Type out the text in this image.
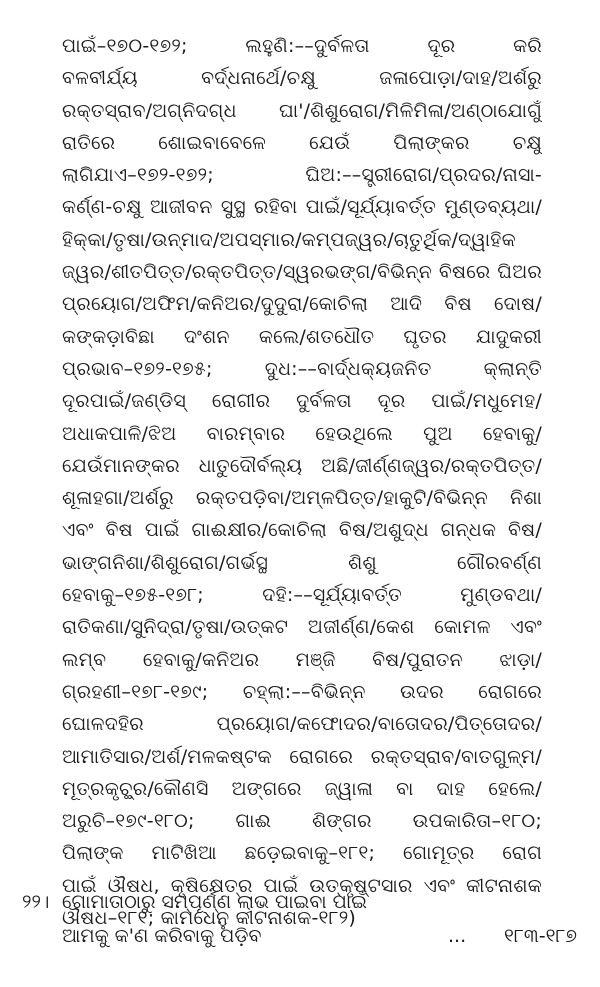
ପାଇଁ–୧୭୦-୧୭୨; ଲହୁଣି:––ଦୁର୍ବଳତା ଦୂର କରି
ବଳବୀର୍ଯ୍ୟ ବର୍ଦ୍ଧନାର୍ଥେ/ଚକ୍ଷୁ ଜଳାପୋଡ଼ା/ଦାହ/ଅର୍ଶରୁ
ରକ୍ତସ୍ରାବ/ଅଗ୍ନିଦଗ୍ଧ ଘା'/ଶିଶୁରୋଗ/ମିଳିମିଳା/ଅଣ୍ଠାଯୋଗୁଁ
ରାତିରେ ଶୋଇବାବେଳେ ଯେଉଁ ପିଲାଙ୍କର ଚକ୍ଷୁ
ଲାଗିଯାଏ–୧୭୨-୧୭୨; ଘିଅ:––ସ୍ତ୍ରୀରୋଗ/ପ୍ରଦର/ନାସା-
କର୍ଣ୍ଣ-ଚକ୍ଷୁ ଆଜୀବନ ସୁସ୍ଥ ରହିବା ପାଇଁ/ସୂର୍ଯ୍ୟାବର୍ତ୍ତ ମୁଣ୍ଡବ୍ୟଥା/
ହିକ୍କା/ତୃଷା/ଉନ୍ମାଦ/ଅପସ୍ମାର/କମ୍ପଜ୍ୱର/ଚାତୁର୍ଥିକ/ଦ୍ୱାହିକ
ଜ୍ୱର/ଶୀତପିତ୍ତ/ରକ୍ତପିତ୍ତ/ସ୍ୱରଭଙ୍ଗ/ବିଭିନ୍ନ ବିଷରେ ଘିଅର
ପ୍ରୟୋଗ/ଅଫିମ/କନିଅର/ଦୁଦୁରା/କୋଚିଲା ଆଦି ବିଷ ଦୋଷ/
କଙ୍କଡ଼ାବିଛା ଦଂଶନ କଲେ/ଶତଧୌତ ଘୃତର ଯାଦୁକରୀ
ପ୍ରଭାବ–୧୭୨-୧୭୫; ଦୁଧ:––ବାର୍ଦ୍ଧକ୍ୟଜନିତ କ୍ଲାନ୍ତି
ଦୂରପାଇଁ/ଜଣ୍ଡିସ୍ ରୋଗୀର ଦୁର୍ବଳତା ଦୂର ପାଇଁ/ମଧୁମେହ/
ଅଧାକପାଳି/ଝିଅ ବାରମ୍ବାର ହେଉଥିଲେ ପୁଅ ହେବାକୁ/
ଯେଉଁମାନଙ୍କର ଧାତୁଦୌର୍ବଲ୍ୟ ଅଛି/ଜୀର୍ଣ୍ଣଜ୍ୱର/ରକ୍ତପିତ୍ତ/
ଶୂଳାହଗା/ଅର୍ଶରୁ ରକ୍ତପଡ଼ିବା/ଅମ୍ଳପିତ୍ତ/ହାକୁଟି/ବିଭିନ୍ନ ନିଶା
ଏବଂ ବିଷ ପାଇଁ ଗାଈକ୍ଷୀର/କୋଚିଲା ବିଷ/ଅଶୁଦ୍ଧ ଗନ୍ଧକ ବିଷ/
ଭାଙ୍ଗନିଶା/ଶିଶୁରୋଗ/ଗର୍ଭସ୍ଥ ଶିଶୁ ଗୌରବର୍ଣ୍ଣ
ହେବାକୁ–୧୭୫-୧୭୮; ଦହି:––ସୂର୍ଯ୍ୟାବର୍ତ୍ତ ମୁଣ୍ଡବଥା/
ରାତିକଣା/ସୁନିଦ୍ରା/ତୃଷା/ଉତ୍କଟ ଅଜୀର୍ଣ୍ଣ/କେଶ କୋମଳ ଏବଂ
ଲମ୍ବ ହେବାକୁ/କନିଅର ମଞ୍ଜି ବିଷ/ପୁରାତନ ଝାଡ଼ା/
ଗ୍ରହଣୀ–୧୭୮-୧୭୯; ଚହ୍ଲା:––ବିଭିନ୍ନ ଉଦର ରୋଗରେ
ଘୋଳଦହିର ପ୍ରୟୋଗ/କଫୋଦର/ବାତୋଦର/ପିତ୍ତୋଦର/
ଆମାତିସାର/ଅର୍ଶ/ମଳକଷ୍ଟକ ରୋଗରେ ରକ୍ତସ୍ରାବ/ବାତଗୁଳ୍ମ/
ମୂତ୍ରକୃଚ୍ଛ୍ର/କୌଣସି ଅଙ୍ଗରେ ଜ୍ୱାଳା ବା ଦାହ ହେଲେ/
ଅରୁଚି–୧୭୯-୧୮୦; ଗାଈ ଶିଙ୍ଗର ଉପକାରିତା–୧୮୦;
ପିଲାଙ୍କ ମାଟିଖିଆ ଛଡ଼େଇବାକୁ–୧୮୧; ଗୋମୂତ୍ର ରୋଗ
ପାଇଁ ଔଷଧ, କୃଷିକ୍ଷେତ୍ର ପାଇଁ ଉତ୍କୃଷ୍ଟସାର ଏବଂ କୀଟନାଶକ
ଔଷଧ–୧୮୧; କାମଧେନୁ କୀଟନାଶକ-୧୮୨)
୨୨। ଗୋମାତାଠାରୁ ସମ୍ପୂର୍ଣ୍ଣ ଲାଭ ପାଇବା ପାଇଁ
ଆମକୁ କ'ଣ କରିବାକୁ ପଡ଼ିବ	... ୧୮୩-୧୮୭
